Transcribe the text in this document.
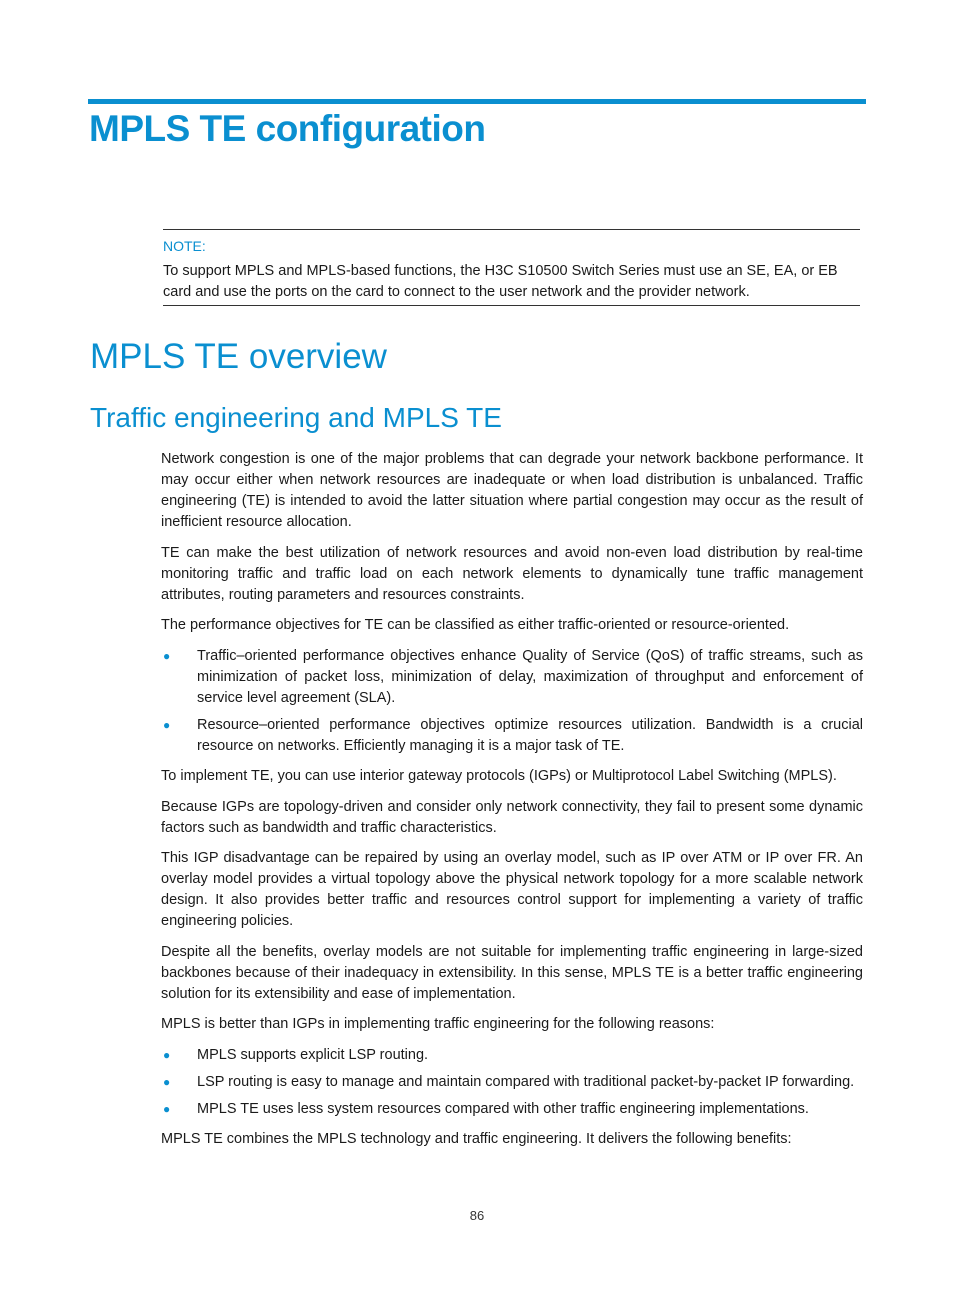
MPLS TE configuration

NOTE:

To support MPLS and MPLS-based functions, the H3C S10500 Switch Series must use an SE, EA, or EB card and use the ports on the card to connect to the user network and the provider network.

MPLS TE overview
Traffic engineering and MPLS TE

Network congestion is one of the major problems that can degrade your network backbone performance. It may occur either when network resources are inadequate or when load distribution is unbalanced. Traffic engineering (TE) is intended to avoid the latter situation where partial congestion may occur as the result of inefficient resource allocation.

TE can make the best utilization of network resources and avoid non-even load distribution by real-time monitoring traffic and traffic load on each network elements to dynamically tune traffic management attributes, routing parameters and resources constraints.

The performance objectives for TE can be classified as either traffic-oriented or resource-oriented.

● Traffic–oriented performance objectives enhance Quality of Service (QoS) of traffic streams, such as minimization of packet loss, minimization of delay, maximization of throughput and enforcement of service level agreement (SLA).
● Resource–oriented performance objectives optimize resources utilization. Bandwidth is a crucial resource on networks. Efficiently managing it is a major task of TE.

To implement TE, you can use interior gateway protocols (IGPs) or Multiprotocol Label Switching (MPLS).

Because IGPs are topology-driven and consider only network connectivity, they fail to present some dynamic factors such as bandwidth and traffic characteristics.

This IGP disadvantage can be repaired by using an overlay model, such as IP over ATM or IP over FR. An overlay model provides a virtual topology above the physical network topology for a more scalable network design. It also provides better traffic and resources control support for implementing a variety of traffic engineering policies.

Despite all the benefits, overlay models are not suitable for implementing traffic engineering in large-sized backbones because of their inadequacy in extensibility. In this sense, MPLS TE is a better traffic engineering solution for its extensibility and ease of implementation.

MPLS is better than IGPs in implementing traffic engineering for the following reasons:

● MPLS supports explicit LSP routing.
● LSP routing is easy to manage and maintain compared with traditional packet-by-packet IP forwarding.
● MPLS TE uses less system resources compared with other traffic engineering implementations.

MPLS TE combines the MPLS technology and traffic engineering. It delivers the following benefits:

86
